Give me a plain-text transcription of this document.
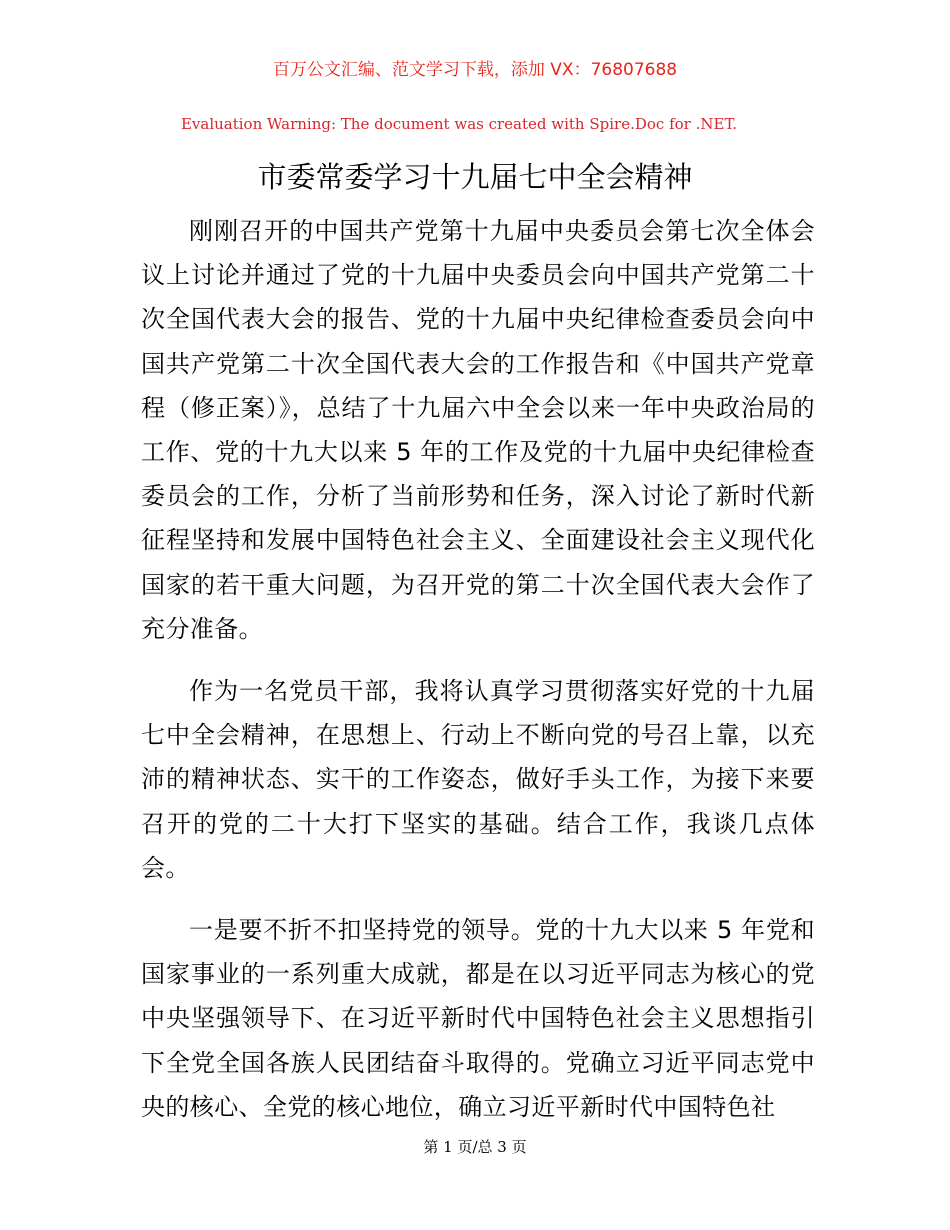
百万公文汇编、范文学习下载，添加 VX：76807688
Evaluation Warning: The document was created with Spire.Doc for .NET.
市委常委学习十九届七中全会精神

刚刚召开的中国共产党第十九届中央委员会第七次全体会议上讨论并通过了党的十九届中央委员会向中国共产党第二十次全国代表大会的报告、党的十九届中央纪律检查委员会向中国共产党第二十次全国代表大会的工作报告和《中国共产党章程（修正案）》，总结了十九届六中全会以来一年中央政治局的工作、党的十九大以来 5 年的工作及党的十九届中央纪律检查委员会的工作，分析了当前形势和任务，深入讨论了新时代新征程坚持和发展中国特色社会主义、全面建设社会主义现代化国家的若干重大问题，为召开党的第二十次全国代表大会作了充分准备。

作为一名党员干部，我将认真学习贯彻落实好党的十九届七中全会精神，在思想上、行动上不断向党的号召上靠，以充沛的精神状态、实干的工作姿态，做好手头工作，为接下来要召开的党的二十大打下坚实的基础。结合工作，我谈几点体会。

一是要不折不扣坚持党的领导。党的十九大以来 5 年党和国家事业的一系列重大成就，都是在以习近平同志为核心的党中央坚强领导下、在习近平新时代中国特色社会主义思想指引下全党全国各族人民团结奋斗取得的。党确立习近平同志党中央的核心、全党的核心地位，确立习近平新时代中国特色社

第 1 页/总 3 页
